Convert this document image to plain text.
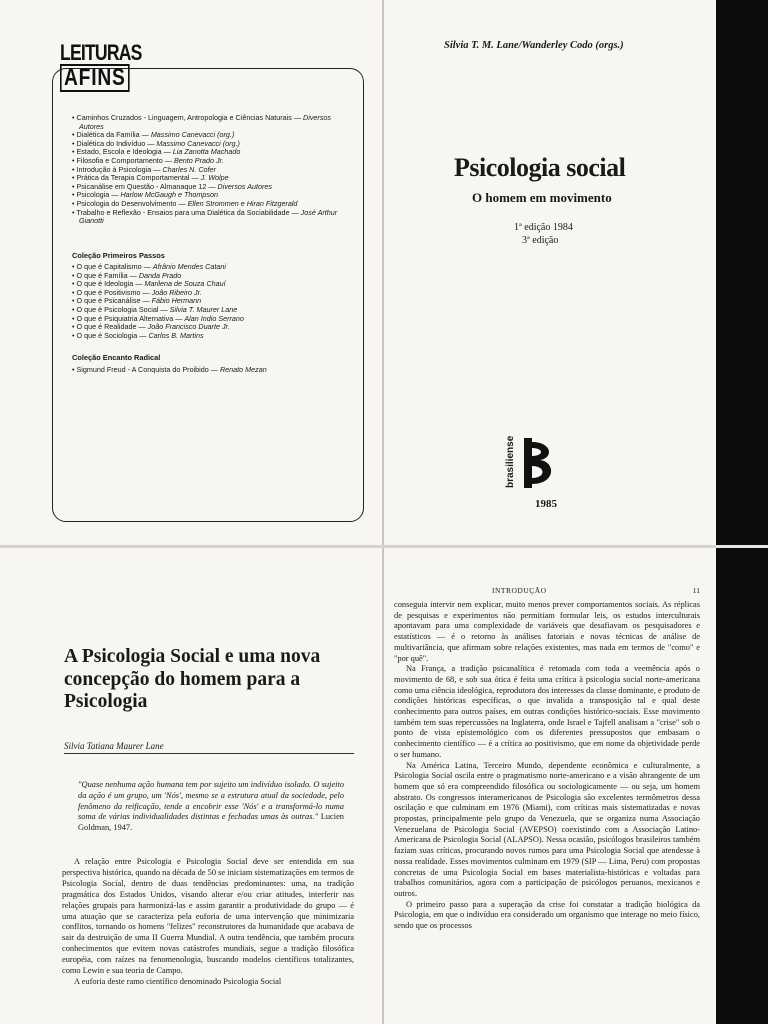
LEITURAS
AFINS
• Caminhos Cruzados - Linguagem, Antropologia e Ciências Naturais — Diversos Autores
• Dialética da Família — Massimo Canevacci (org.)
• Dialética do Indivíduo — Massimo Canevacci (org.)
• Estado, Escola e Ideologia — Lia Zanotta Machado
• Filosofia e Comportamento — Bento Prado Jr.
• Introdução à Psicologia — Charles N. Cofer
• Prática da Terapia Comportamental — J. Wolpe
• Psicanálise em Questão - Almanaque 12 — Diversos Autores
• Psicologia — Harlow McGaugh e Thompson
• Psicologia do Desenvolvimento — Ellen Strommen e Hiran Fitzgerald
• Trabalho e Reflexão - Ensaios para uma Dialética da Sociabilidade — José Arthur Gianotti
Coleção Primeiros Passos
• O que é Capitalismo — Afrânio Mendes Catani
• O que é Família — Danda Prado
• O que é Ideologia — Marilena de Souza Chauí
• O que é Positivismo — João Ribeiro Jr.
• O que é Psicanálise — Fábio Hermann
• O que é Psicologia Social — Silvia T. Maurer Lane
• O que é Psiquiatria Alternativa — Alan Indio Serrano
• O que é Realidade — João Francisco Duarte Jr.
• O que é Sociologia — Carlos B. Martins
Coleção Encanto Radical
• Sigmund Freud - A Conquista do Proibido — Renato Mezan
Silvia T. M. Lane/Wanderley Codo (orgs.)
Psicologia social
O homem em movimento
1ª edição 1984
3ª edição
brasiliense
1985
A Psicologia Social e uma nova concepção do homem para a Psicologia
Silvia Tatiana Maurer Lane
"Quase nenhuma ação humana tem por sujeito um indivíduo isolado. O sujeito da ação é um grupo, um 'Nós', mesmo se a estrutura atual da sociedade, pelo fenômeno da reificação, tende a encobrir esse 'Nós' e a transformá-lo numa soma de várias individualidades distintas e fechadas umas às outras." Lucien Goldman, 1947.

A relação entre Psicologia e Psicologia Social deve ser entendida em sua perspectiva histórica, quando na década de 50 se iniciam sistematizações em termos de Psicologia Social, dentro de duas tendências predominantes: uma, na tradição pragmática dos Estados Unidos, visando alterar e/ou criar atitudes, interferir nas relações grupais para harmonizá-las e assim garantir a produtividade do grupo — é uma atuação que se caracteriza pela euforia de uma intervenção que minimizaria conflitos, tornando os homens "felizes" reconstrutores da humanidade que acabava de sair da destruição de uma II Guerra Mundial. A outra tendência, que também procura conhecimentos que evitem novas catástrofes mundiais, segue a tradição filosófica européia, com raízes na fenomenologia, buscando modelos científicos totalizantes, como Lewin e sua teoria de Campo.

A euforia deste ramo científico denominado Psicologia Social

INTRODUÇÃO	11

conseguia intervir nem explicar, muito menos prever comportamentos sociais. As réplicas de pesquisas e experimentos não permitiam formular leis, os estudos interculturais apontavam para uma complexidade de variáveis que desafiavam os pesquisadores e estatísticos — é o retorno às análises fatoriais e novas técnicas de análise de multivariância, que afirmam sobre relações existentes, mas nada em termos de "como" e "por quê".

Na França, a tradição psicanalítica é retomada com toda a veemência após o movimento de 68, e sob sua ótica é feita uma crítica à psicologia social norte-americana como uma ciência ideológica, reprodutora dos interesses da classe dominante, e produto de condições históricas específicas, o que invalida a transposição tal e qual deste conhecimento para outros países, em outras condições histórico-sociais. Esse movimento também tem suas repercussões na Inglaterra, onde Israel e Tajfell analisam a "crise" sob o ponto de vista epistemológico com os diferentes pressupostos que embasam o conhecimento científico — é a crítica ao positivismo, que em nome da objetividade perde o ser humano.

Na América Latina, Terceiro Mundo, dependente econômica e culturalmente, a Psicologia Social oscila entre o pragmatismo norte-americano e a visão abrangente de um homem que só era compreendido filosófica ou sociologicamente — ou seja, um homem abstrato. Os congressos interamericanos de Psicologia são excelentes termômetros dessa oscilação e que culminam em 1976 (Miami), com críticas mais sistematizadas e novas propostas, principalmente pelo grupo da Venezuela, que se organiza numa Associação Venezuelana de Psicologia Social (AVEPSO) coexistindo com a Associação Latino-Americana de Psicologia Social (ALAPSO). Nessa ocasião, psicólogos brasileiros também faziam suas críticas, procurando novos rumos para uma Psicologia Social que atendesse à nossa realidade. Esses movimentos culminam em 1979 (SIP — Lima, Peru) com propostas concretas de uma Psicologia Social em bases materialista-históricas e voltadas para trabalhos comunitários, agora com a participação de psicólogos peruanos, mexicanos e outros.

O primeiro passo para a superação da crise foi constatar a tradição biológica da Psicologia, em que o indivíduo era considerado um organismo que interage no meio físico, sendo que os processos
